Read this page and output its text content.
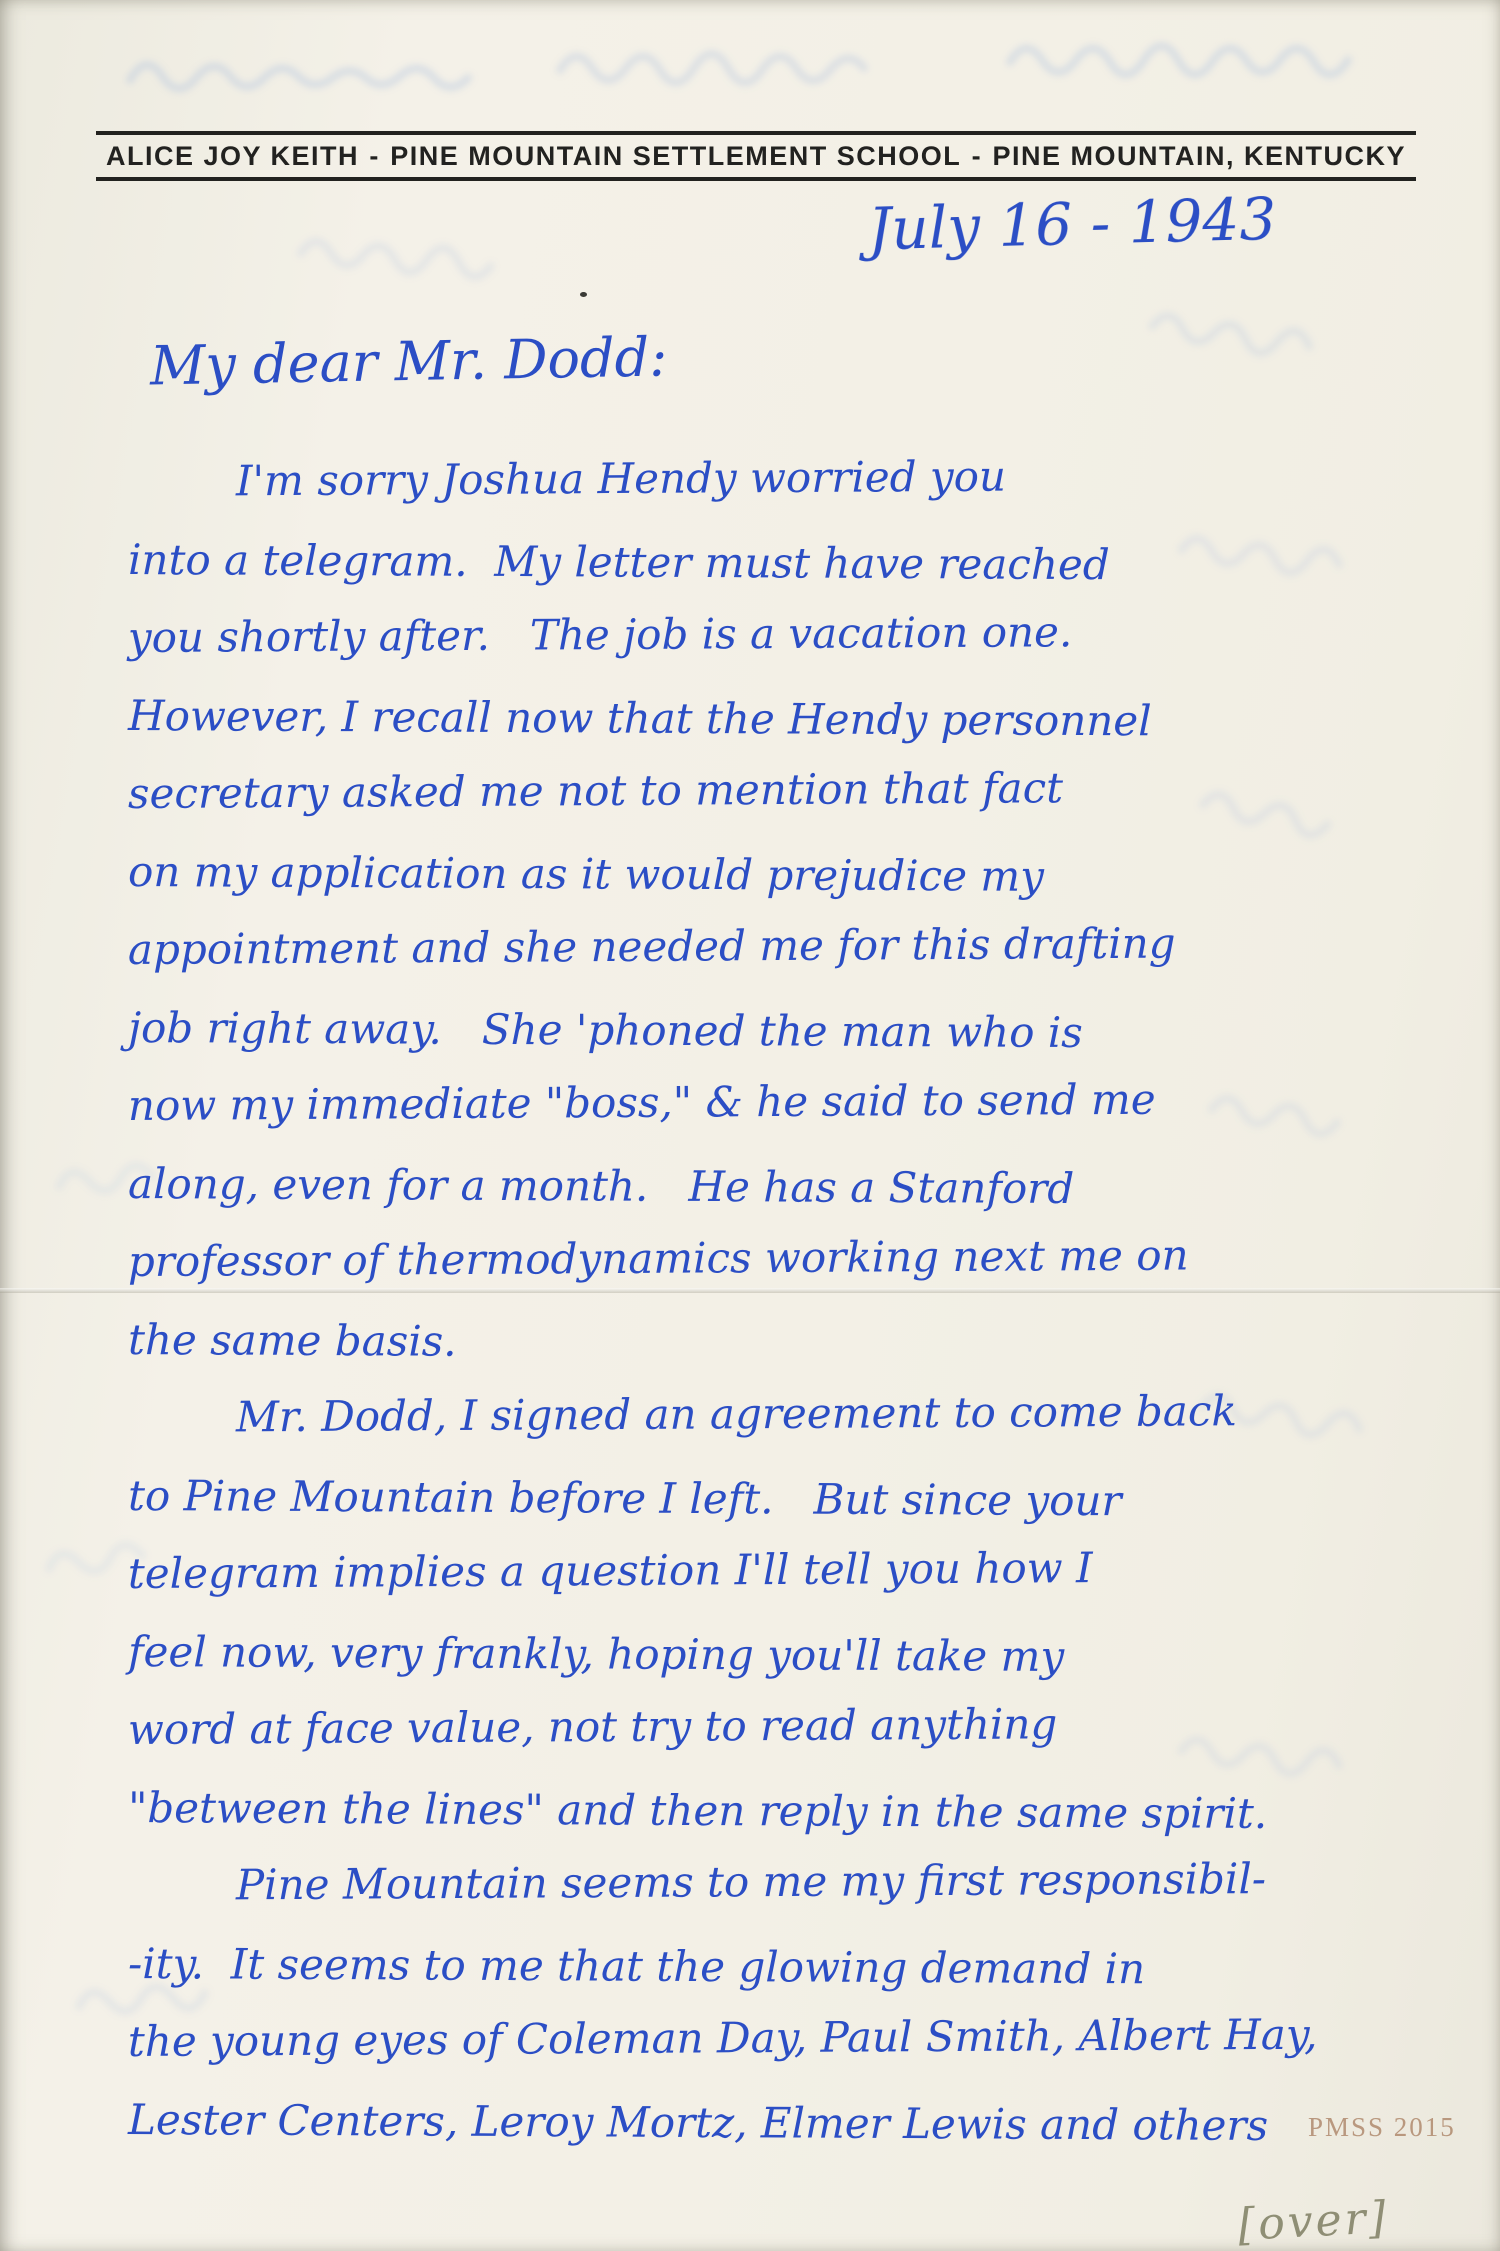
ALICE JOY KEITH - PINE MOUNTAIN SETTLEMENT SCHOOL - PINE MOUNTAIN, KENTUCKY
July 16 - 1943
My dear Mr. Dodd:
I'm sorry Joshua Hendy worried you
into a telegram.  My letter must have reached
you shortly after.   The job is a vacation one.
However, I recall now that the Hendy personnel
secretary asked me not to mention that fact
on my application as it would prejudice my
appointment and she needed me for this drafting
job right away.   She 'phoned the man who is
now my immediate "boss," & he said to send me
along, even for a month.   He has a Stanford
professor of thermodynamics working next me on
the same basis.
Mr. Dodd, I signed an agreement to come back
to Pine Mountain before I left.   But since your
telegram implies a question I'll tell you how I
feel now, very frankly, hoping you'll take my
word at face value, not try to read anything
"between the lines" and then reply in the same spirit.
Pine Mountain seems to me my first responsibil-
-ity.  It seems to me that the glowing demand in
the young eyes of Coleman Day, Paul Smith, Albert Hay,
Lester Centers, Leroy Mortz, Elmer Lewis and others	PMSS 2015
[over]
